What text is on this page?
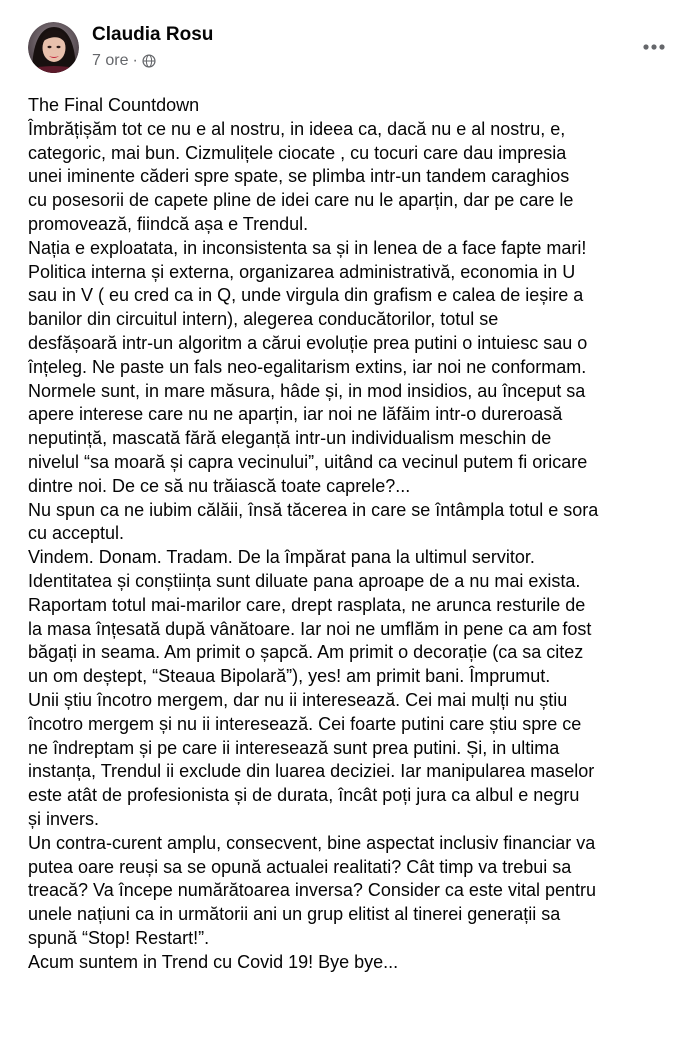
Claudia Rosu
7 ore ·
The Final Countdown
Îmbrățișăm tot ce nu e al nostru, in ideea ca, dacă nu e al nostru, e,
categoric, mai bun. Cizmulițele ciocate , cu tocuri care dau impresia
unei iminente căderi spre spate, se plimba intr-un tandem caraghios
cu posesorii de capete pline de idei care nu le aparțin, dar pe care le
promovează, fiindcă așa e Trendul.
Nația e exploatata, in inconsistenta sa și in lenea de a face fapte mari!
Politica interna și externa, organizarea administrativă, economia in U
sau in V ( eu cred ca in Q, unde virgula din grafism e calea de ieșire a
banilor din circuitul intern), alegerea conducătorilor, totul se
desfășoară intr-un algoritm a cărui evoluție prea putini o intuiesc sau o
înțeleg. Ne paste un fals neo-egalitarism extins, iar noi ne conformam.
Normele sunt, in mare măsura, hâde și, in mod insidios, au început sa
apere interese care nu ne aparțin, iar noi ne lăfăim intr-o dureroasă
neputință, mascată fără eleganță intr-un individualism meschin de
nivelul “sa moară și capra vecinului”, uitând ca vecinul putem fi oricare
dintre noi. De ce să nu trăiască toate caprele?...
Nu spun ca ne iubim călăii, însă tăcerea in care se întâmpla totul e sora
cu acceptul.
Vindem. Donam. Tradam. De la împărat pana la ultimul servitor.
Identitatea și conștiința sunt diluate pana aproape de a nu mai exista.
Raportam totul mai-marilor care, drept rasplata, ne arunca resturile de
la masa înțesată după vânătoare. Iar noi ne umflăm in pene ca am fost
băgați in seama. Am primit o șapcă. Am primit o decorație (ca sa citez
un om deștept, “Steaua Bipolară”), yes! am primit bani. Împrumut.
Unii știu încotro mergem, dar nu ii interesează. Cei mai mulți nu știu
încotro mergem și nu ii interesează. Cei foarte putini care știu spre ce
ne îndreptam și pe care ii interesează sunt prea putini. Și, in ultima
instanța, Trendul ii exclude din luarea deciziei. Iar manipularea maselor
este atât de profesionista și de durata, încât poți jura ca albul e negru
și invers.
Un contra-curent amplu, consecvent, bine aspectat inclusiv financiar va
putea oare reuși sa se opună actualei realitati? Cât timp va trebui sa
treacă? Va începe numărătoarea inversa? Consider ca este vital pentru
unele națiuni ca in următorii ani un grup elitist al tinerei generații sa
spună “Stop! Restart!”.
Acum suntem in Trend cu Covid 19! Bye bye...
